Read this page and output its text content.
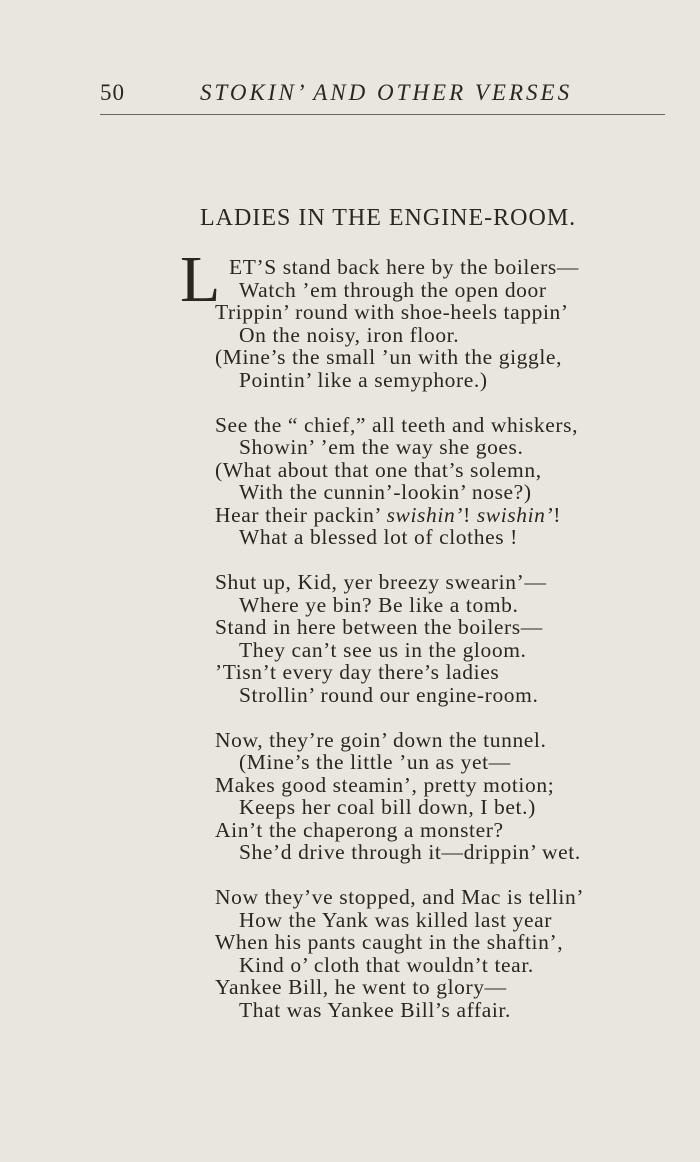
50	STOKIN’ AND OTHER VERSES
LADIES IN THE ENGINE-ROOM.
L ET’S stand back here by the boilers—
Watch ’em through the open door
Trippin’ round with shoe-heels tappin’
On the noisy, iron floor.
(Mine’s the small ’un with the giggle,
Pointin’ like a semyphore.)
See the “ chief,” all teeth and whiskers,
Showin’ ’em the way she goes.
(What about that one that’s solemn,
With the cunnin’-lookin’ nose?)
Hear their packin’ swishin’! swishin’!
What a blessed lot of clothes !
Shut up, Kid, yer breezy swearin’—
Where ye bin? Be like a tomb.
Stand in here between the boilers—
They can’t see us in the gloom.
’Tisn’t every day there’s ladies
Strollin’ round our engine-room.
Now, they’re goin’ down the tunnel.
(Mine’s the little ’un as yet—
Makes good steamin’, pretty motion;
Keeps her coal bill down, I bet.)
Ain’t the chaperong a monster?
She’d drive through it—drippin’ wet.
Now they’ve stopped, and Mac is tellin’
How the Yank was killed last year
When his pants caught in the shaftin’,
Kind o’ cloth that wouldn’t tear.
Yankee Bill, he went to glory—
That was Yankee Bill’s affair.
